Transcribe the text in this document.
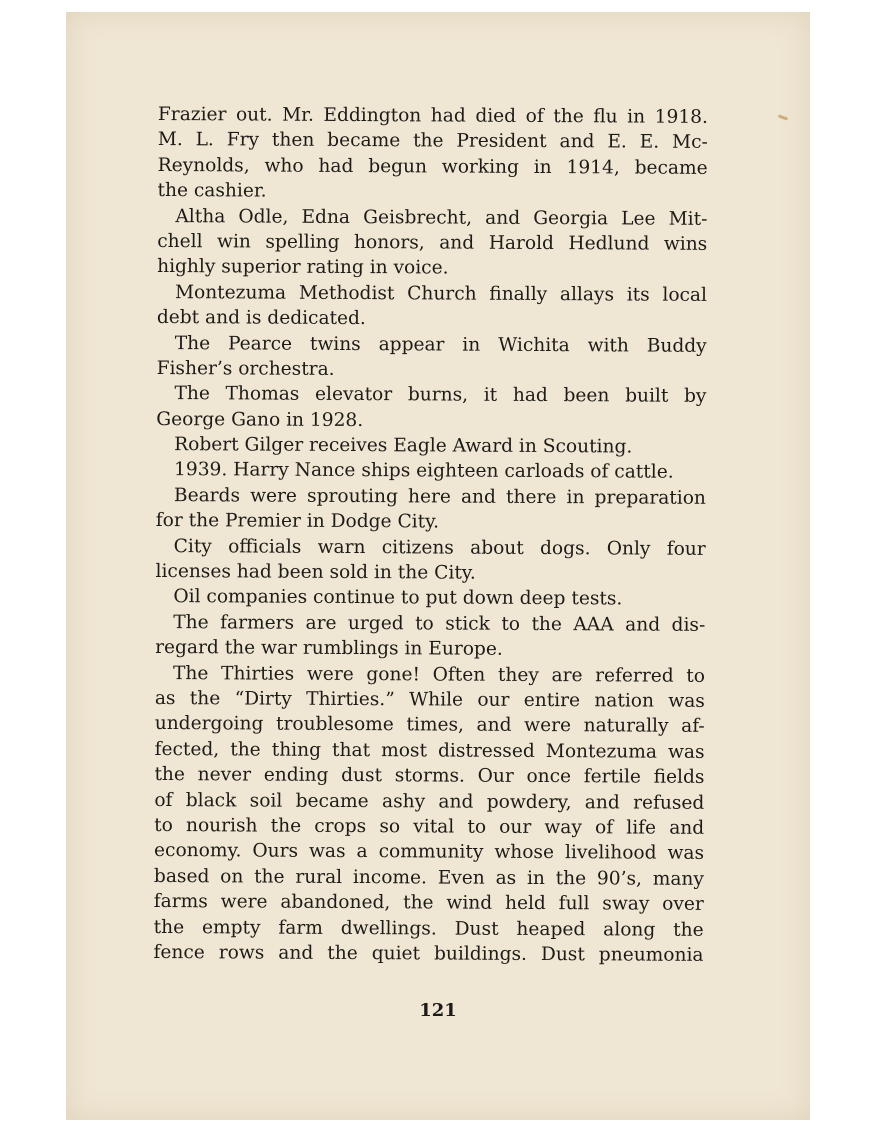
Frazier out. Mr. Eddington had died of the flu in 1918.
M. L. Fry then became the President and E. E. Mc-
Reynolds, who had begun working in 1914, became
the cashier.
Altha Odle, Edna Geisbrecht, and Georgia Lee Mit-
chell win spelling honors, and Harold Hedlund wins
highly superior rating in voice.
Montezuma Methodist Church finally allays its local
debt and is dedicated.
The Pearce twins appear in Wichita with Buddy
Fisher’s orchestra.
The Thomas elevator burns, it had been built by
George Gano in 1928.
Robert Gilger receives Eagle Award in Scouting.
1939. Harry Nance ships eighteen carloads of cattle.
Beards were sprouting here and there in preparation
for the Premier in Dodge City.
City officials warn citizens about dogs. Only four
licenses had been sold in the City.
Oil companies continue to put down deep tests.
The farmers are urged to stick to the AAA and dis-
regard the war rumblings in Europe.
The Thirties were gone! Often they are referred to
as the “Dirty Thirties.” While our entire nation was
undergoing troublesome times, and were naturally af-
fected, the thing that most distressed Montezuma was
the never ending dust storms. Our once fertile fields
of black soil became ashy and powdery, and refused
to nourish the crops so vital to our way of life and
economy. Ours was a community whose livelihood was
based on the rural income. Even as in the 90’s, many
farms were abandoned, the wind held full sway over
the empty farm dwellings. Dust heaped along the
fence rows and the quiet buildings. Dust pneumonia
121
